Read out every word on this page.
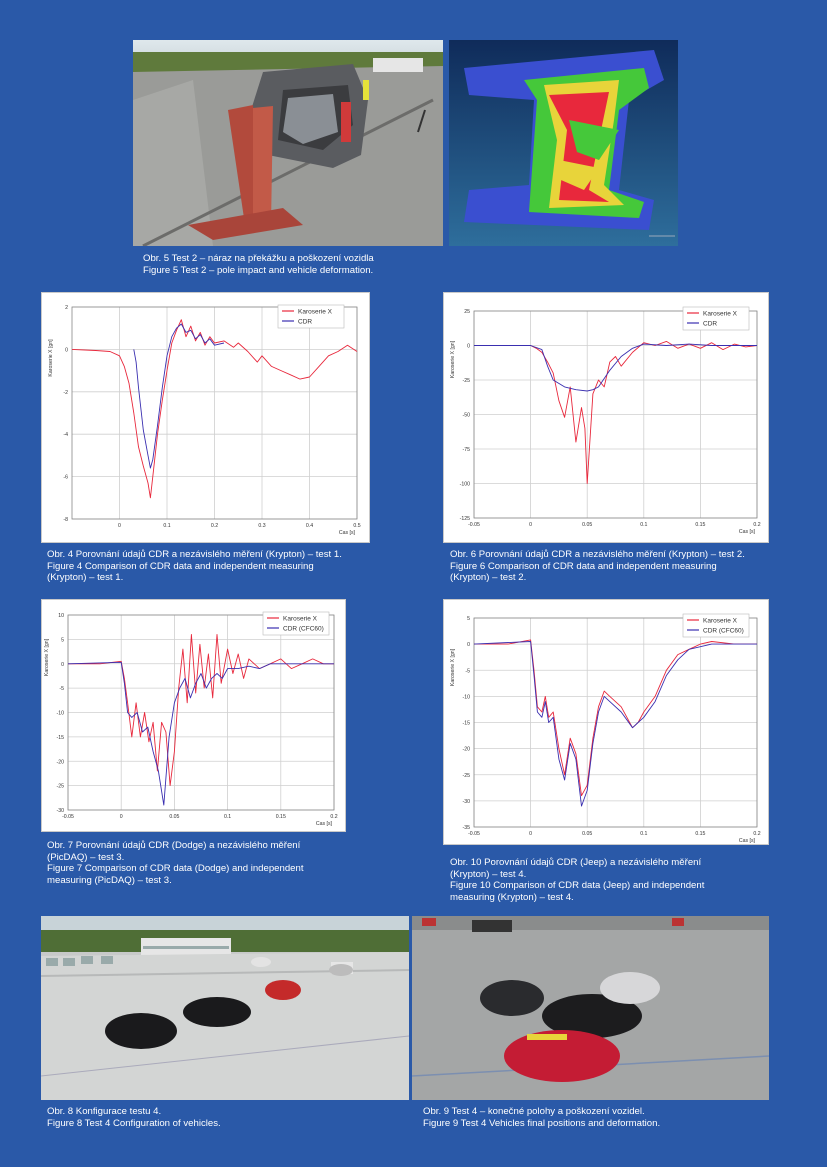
Obr. 5 Test 2 – náraz na překážku a poškození vozidla
Figure 5 Test 2 – pole impact and vehicle deformation.
0	0.1	0.2	0.3	0.4	0.5
2
0
-2
-4
-6
-8
Karoserie X [gn]
Cas [s]
Karoserie X
CDR
Obr. 4 Porovnání údajů CDR a nezávislého měření (Krypton) – test 1.
Figure 4 Comparison of CDR data and independent measuring
(Krypton) – test 1.
-0.05	0	0.05	0.1	0.15	0.2
25
0
-25
-50
-75
-100
-125
Karoserie X [gn]
Cas [s]
Karoserie X
CDR
Obr. 6 Porovnání údajů CDR a nezávislého měření (Krypton) – test 2.
Figure 6 Comparison of CDR data and independent measuring
(Krypton) – test 2.
-0.05	0	0.05	0.1	0.15	0.2
10
5
0
-5
-10
-15
-20
-25
-30
Karoserie X [gn]
Cas [s]
Karoserie X
CDR (CFC60)
Obr. 7 Porovnání údajů CDR (Dodge) a nezávislého měření
(PicDAQ) – test 3.
Figure 7 Comparison of CDR data (Dodge) and independent
measuring (PicDAQ) – test 3.
-0.05	0	0.05	0.1	0.15	0.2
5
0
-5
-10
-15
-20
-25
-30
-35
Karoserie X [gn]
Cas [s]
Karoserie X
CDR (CFC60)
Obr. 10 Porovnání údajů CDR (Jeep) a nezávislého měření
(Krypton) – test 4.
Figure 10 Comparison of CDR data (Jeep) and independent
measuring (Krypton) – test 4.
Obr. 8 Konfigurace testu 4.
Figure 8 Test 4 Configuration of vehicles.
Obr. 9 Test 4 – konečné polohy a poškození vozidel.
Figure 9 Test 4 Vehicles final positions and deformation.
